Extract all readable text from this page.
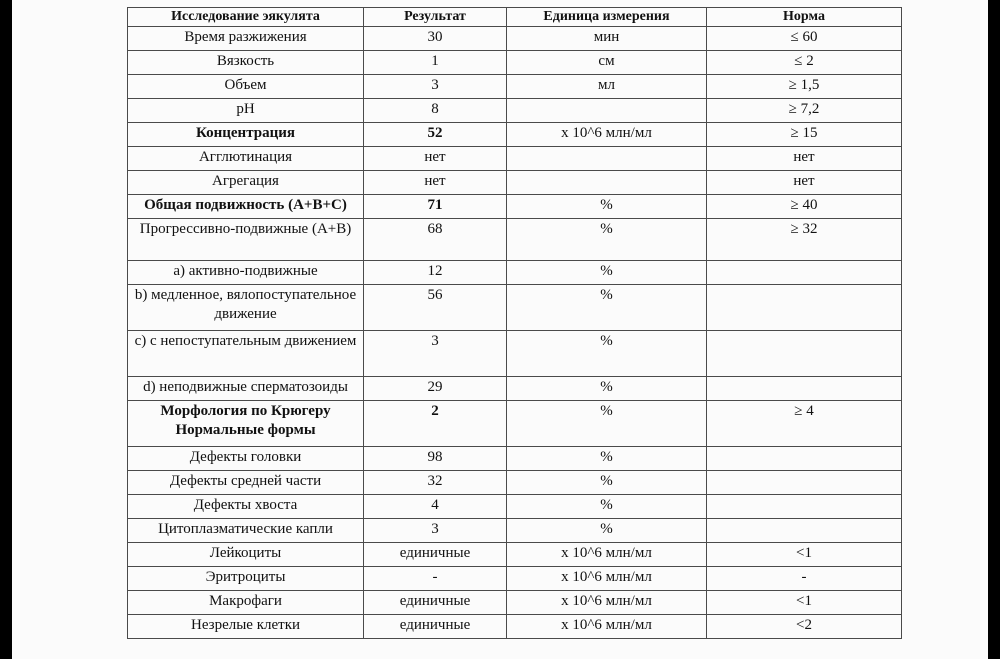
Исследование эякулята	Результат	Единица измерения	Норма
Время разжижения	30	мин	≤ 60
Вязкость	1	см	≤ 2
Объем	3	мл	≥ 1,5
pH	8		≥ 7,2
Концентрация	52	x 10^6 млн/мл	≥ 15
Агглютинация	нет		нет
Агрегация	нет		нет
Общая подвижность (A+B+C)	71	%	≥ 40
Прогрессивно-подвижные (A+B)	68	%	≥ 32
a) активно-подвижные	12	%	
b) медленное, вялопоступательное движение	56	%	
c) с непоступательным движением	3	%	
d) неподвижные сперматозоиды	29	%	
Морфология по Крюгеру Нормальные формы	2	%	≥ 4
Дефекты головки	98	%	
Дефекты средней части	32	%	
Дефекты хвоста	4	%	
Цитоплазматические капли	3	%	
Лейкоциты	единичные	x 10^6 млн/мл	<1
Эритроциты	-	x 10^6 млн/мл	-
Макрофаги	единичные	x 10^6 млн/мл	<1
Незрелые клетки	единичные	x 10^6 млн/мл	<2
